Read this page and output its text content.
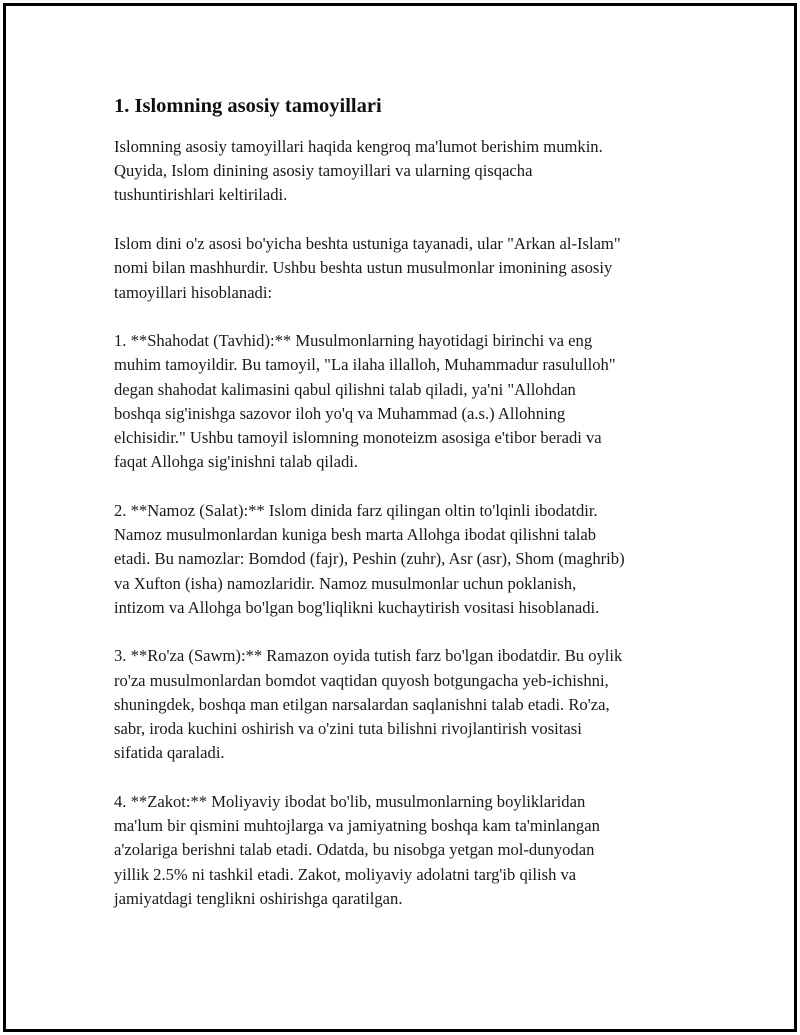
1. Islomning asosiy tamoyillari

Islomning asosiy tamoyillari haqida kengroq ma'lumot berishim mumkin.
Quyida, Islom dinining asosiy tamoyillari va ularning qisqacha
tushuntirishlari keltiriladi.

Islom dini o'z asosi bo'yicha beshta ustuniga tayanadi, ular "Arkan al-Islam"
nomi bilan mashhurdir. Ushbu beshta ustun musulmonlar imonining asosiy
tamoyillari hisoblanadi:

1. **Shahodat (Tavhid):** Musulmonlarning hayotidagi birinchi va eng
muhim tamoyildir. Bu tamoyil, "La ilaha illalloh, Muhammadur rasululloh"
degan shahodat kalimasini qabul qilishni talab qiladi, ya'ni "Allohdan
boshqa sig'inishga sazovor iloh yo'q va Muhammad (a.s.) Allohning
elchisidir." Ushbu tamoyil islomning monoteizm asosiga e'tibor beradi va
faqat Allohga sig'inishni talab qiladi.

2. **Namoz (Salat):** Islom dinida farz qilingan oltin to'lqinli ibodatdir.
Namoz musulmonlardan kuniga besh marta Allohga ibodat qilishni talab
etadi. Bu namozlar: Bomdod (fajr), Peshin (zuhr), Asr (asr), Shom (maghrib)
va Xufton (isha) namozlaridir. Namoz musulmonlar uchun poklanish,
intizom va Allohga bo'lgan bog'liqlikni kuchaytirish vositasi hisoblanadi.

3. **Ro'za (Sawm):** Ramazon oyida tutish farz bo'lgan ibodatdir. Bu oylik
ro'za musulmonlardan bomdot vaqtidan quyosh botgungacha yeb-ichishni,
shuningdek, boshqa man etilgan narsalardan saqlanishni talab etadi. Ro'za,
sabr, iroda kuchini oshirish va o'zini tuta bilishni rivojlantirish vositasi
sifatida qaraladi.

4. **Zakot:** Moliyaviy ibodat bo'lib, musulmonlarning boyliklaridan
ma'lum bir qismini muhtojlarga va jamiyatning boshqa kam ta'minlangan
a'zolariga berishni talab etadi. Odatda, bu nisobga yetgan mol-dunyodan
yillik 2.5% ni tashkil etadi. Zakot, moliyaviy adolatni targ'ib qilish va
jamiyatdagi tenglikni oshirishga qaratilgan.
